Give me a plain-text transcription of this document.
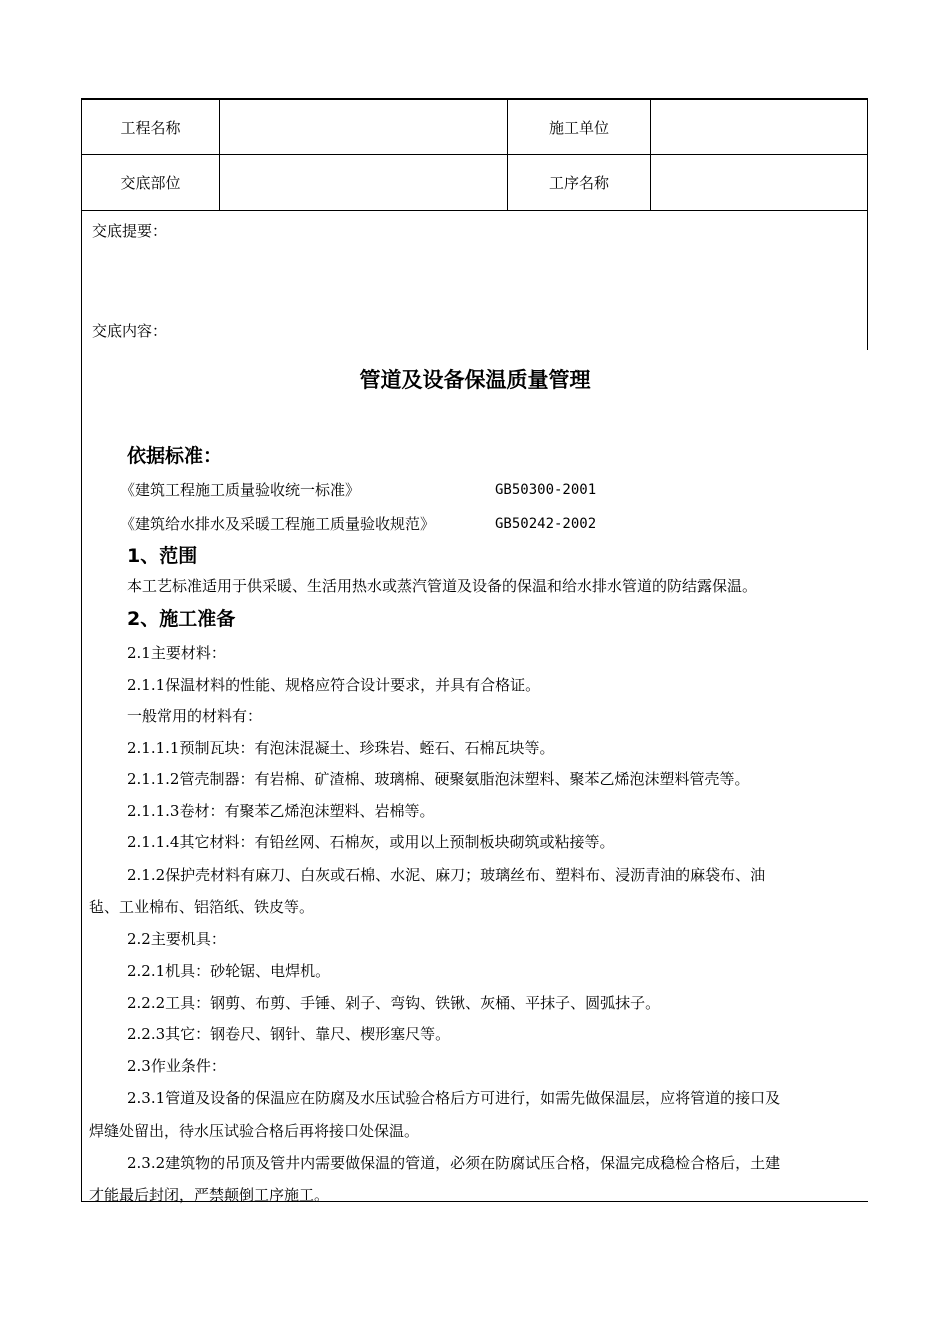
工程名称	施工单位
交底部位	工序名称
交底提要：
交底内容：
管道及设备保温质量管理
依据标准：
《建筑工程施工质量验收统一标准》	GB50300-2001
《建筑给水排水及采暖工程施工质量验收规范》	GB50242-2002
1、范围
本工艺标准适用于供采暖、生活用热水或蒸汽管道及设备的保温和给水排水管道的防结露保温。
2、施工准备
2.1主要材料：
2.1.1保温材料的性能、规格应符合设计要求，并具有合格证。
一般常用的材料有：
2.1.1.1预制瓦块：有泡沫混凝土、珍珠岩、蛭石、石棉瓦块等。
2.1.1.2管壳制器：有岩棉、矿渣棉、玻璃棉、硬聚氨脂泡沫塑料、聚苯乙烯泡沫塑料管壳等。
2.1.1.3卷材：有聚苯乙烯泡沫塑料、岩棉等。
2.1.1.4其它材料：有铅丝网、石棉灰，或用以上预制板块砌筑或粘接等。
2.1.2保护壳材料有麻刀、白灰或石棉、水泥、麻刀；玻璃丝布、塑料布、浸沥青油的麻袋布、油
毡、工业棉布、铝箔纸、铁皮等。
2.2主要机具：
2.2.1机具：砂轮锯、电焊机。
2.2.2工具：钢剪、布剪、手锤、剁子、弯钩、铁锹、灰桶、平抹子、圆弧抹子。
2.2.3其它：钢卷尺、钢针、靠尺、楔形塞尺等。
2.3作业条件：
2.3.1管道及设备的保温应在防腐及水压试验合格后方可进行，如需先做保温层，应将管道的接口及
焊缝处留出，待水压试验合格后再将接口处保温。
2.3.2建筑物的吊顶及管井内需要做保温的管道，必须在防腐试压合格，保温完成稳检合格后，土建
才能最后封闭，严禁颠倒工序施工。
